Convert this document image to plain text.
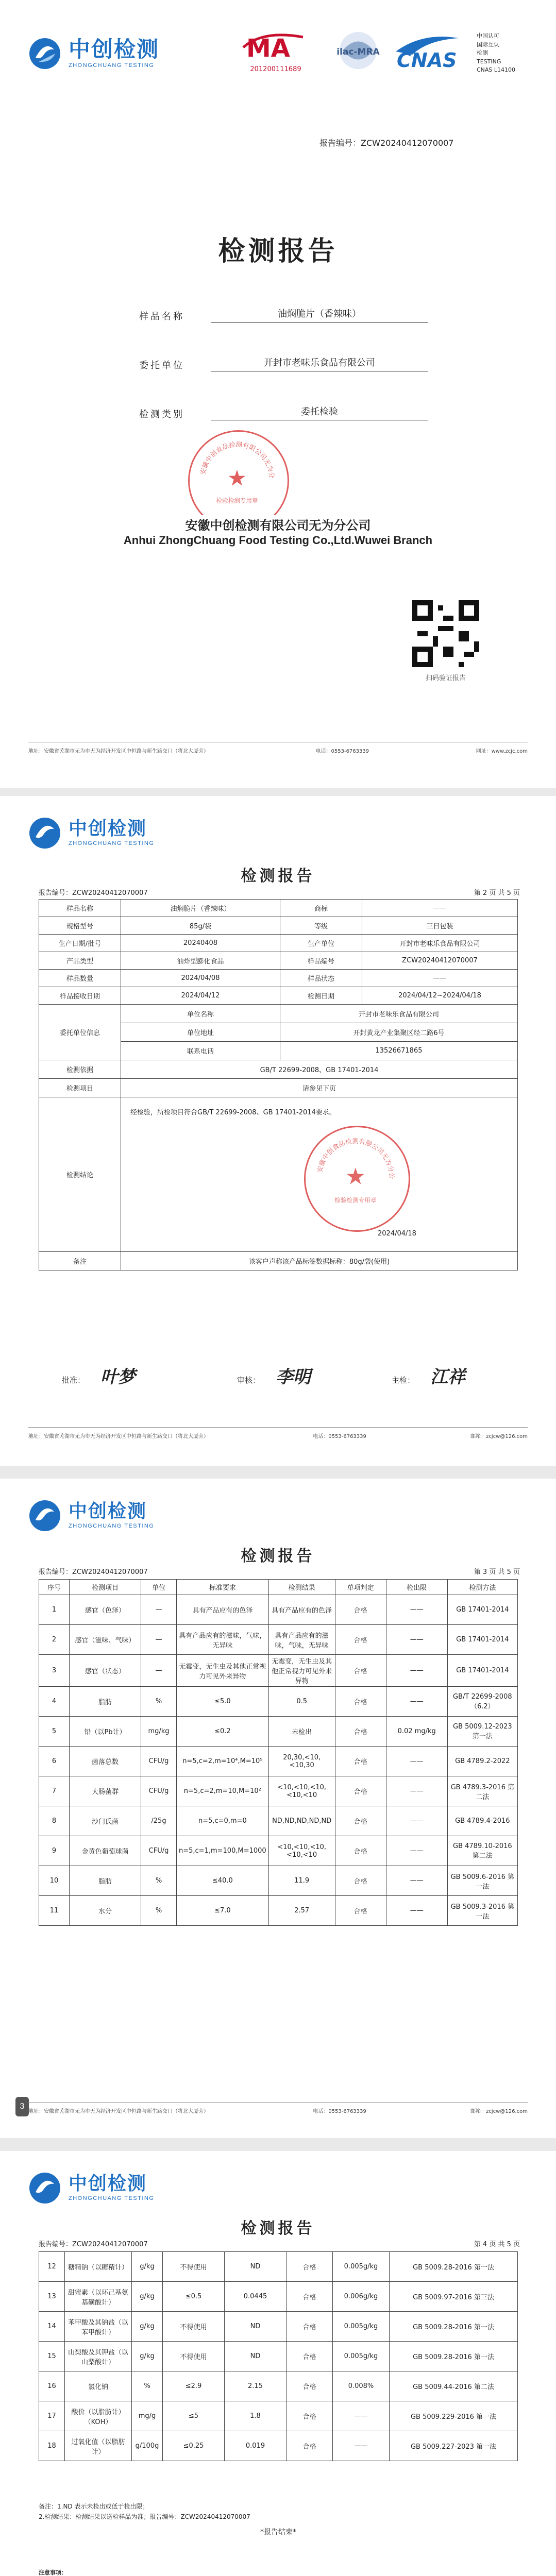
中创检测
ZHONGCHUANG TESTING
MA
201200111689
ilac-MRA CNAS
中国认可
国际互认
检测
TESTING
CNAS L14100
报告编号：ZCW20240412070007
检测报告
样品名称	油焖脆片（香辣味）
委托单位	开封市老味乐食品有限公司
检测类别	委托检验
安徽中创食品检测有限公司无为分
★
检验检测专用章
安徽中创检测有限公司无为分公司
Anhui ZhongChuang Food Testing Co.,Ltd.Wuwei Branch
扫码验证报告
地址：安徽省芜湖市无为市无为经济开发区中恒路与新生路交口（将北大厦旁）	电话：0553-6763339	网址：www.zcjc.com
中创检测
ZHONGCHUANG TESTING
检测报告
报告编号：ZCW20240412070007	第 2 页 共 5 页
样品名称	油焖脆片（香辣味）	商标	——
规格型号	85g/袋	等级	三日包装
生产日期/批号	20240408	生产单位	开封市老味乐食品有限公司
产品类型	油炸型膨化食品	样品编号	ZCW20240412070007
样品数量	2024/04/08	样品状态	——
样品接收日期	2024/04/12	检测日期	2024/04/12~2024/04/18
委托单位信息	单位名称	开封市老味乐食品有限公司	
	单位地址	开封黄龙产业集聚区经二路6号	
	联系电话	13526671865	
检测依据	GB/T 22699-2008、GB 17401-2014		
检测项目	请参见下页		
检测结论	经检验，所检项目符合GB/T 22699-2008、GB 17401-2014要求。
2024/04/18		

备注	该客户声称该产品标签数据标称：80g/袋(使用)		
安徽中创食品检测有限公司无为分公
★
检验检测专用章
批准： 叶梦	审核： 李明	主检： 江祥
地址：安徽省芜湖市无为市无为经济开发区中恒路与新生路交口（将北大厦旁）	电话：0553-6763339	邮箱：zcjcw@126.com
中创检测
ZHONGCHUANG TESTING
检测报告
报告编号：ZCW20240412070007	第 3 页 共 5 页
序号	检测项目	单位	标准要求	检测结果	单项判定	检出限	检测方法
1	感官（色泽）	—	具有产品应有的色泽	具有产品应有的色泽	合格	——	GB 17401-2014
2	感官（滋味、气味）	—	具有产品应有的滋味，气味，无异味	具有产品应有的滋味，气味，无异味	合格	——	GB 17401-2014
3	感官（状态）	—	无霉变，无生虫及其他正常视力可见外来异物	无霉变，无生虫及其他正常视力可见外来异物	合格	——	GB 17401-2014
4	脂肪	%	≤5.0	0.5	合格	——	GB/T 22699-2008（6.2）
5	铅（以Pb计）	mg/kg	≤0.2	未检出	合格	0.02 mg/kg	GB 5009.12-2023 第一法
6	菌落总数	CFU/g	n=5,c=2,m=10⁴,M=10⁵	20,30,<10,<10,30	合格	——	GB 4789.2-2022
7	大肠菌群	CFU/g	n=5,c=2,m=10,M=10²	<10,<10,<10,<10,<10	合格	——	GB 4789.3-2016 第二法
8	沙门氏菌	/25g	n=5,c=0,m=0	ND,ND,ND,ND,ND	合格	——	GB 4789.4-2016
9	金黄色葡萄球菌	CFU/g	n=5,c=1,m=100,M=1000	<10,<10,<10,<10,<10	合格	——	GB 4789.10-2016 第二法
10	脂肪	%	≤40.0	11.9	合格	——	GB 5009.6-2016 第一法
11	水分	%	≤7.0	2.57	合格	——	GB 5009.3-2016 第一法
3
地址：安徽省芜湖市无为市无为经济开发区中恒路与新生路交口（将北大厦旁）	电话：0553-6763339	邮箱：zcjcw@126.com
中创检测
ZHONGCHUANG TESTING
检测报告
报告编号：ZCW20240412070007	第 4 页 共 5 页
12	糖精钠（以糖精计）	g/kg	不得使用	ND	合格	0.005g/kg	GB 5009.28-2016 第一法
13	甜蜜素（以环己基氨基磺酸计）	g/kg	≤0.5	0.0445	合格	0.006g/kg	GB 5009.97-2016 第三法
14	苯甲酸及其钠盐（以苯甲酸计）	g/kg	不得使用	ND	合格	0.005g/kg	GB 5009.28-2016 第一法
15	山梨酸及其钾盐（以山梨酸计）	g/kg	不得使用	ND	合格	0.005g/kg	GB 5009.28-2016 第一法
16	氯化钠	%	≤2.9	2.15	合格	0.008%	GB 5009.44-2016 第二法
17	酸价（以脂肪计）（KOH）	mg/g	≤5	1.8	合格	——	GB 5009.229-2016 第一法
18	过氧化值（以脂肪计）	g/100g	≤0.25	0.019	合格	——	GB 5009.227-2023 第一法
备注：1.ND 表示未检出或低于检出限；
2.检测结果：检测结果以送检样品为准；报告编号：ZCW20240412070007
*报告结束*
注意事项：
